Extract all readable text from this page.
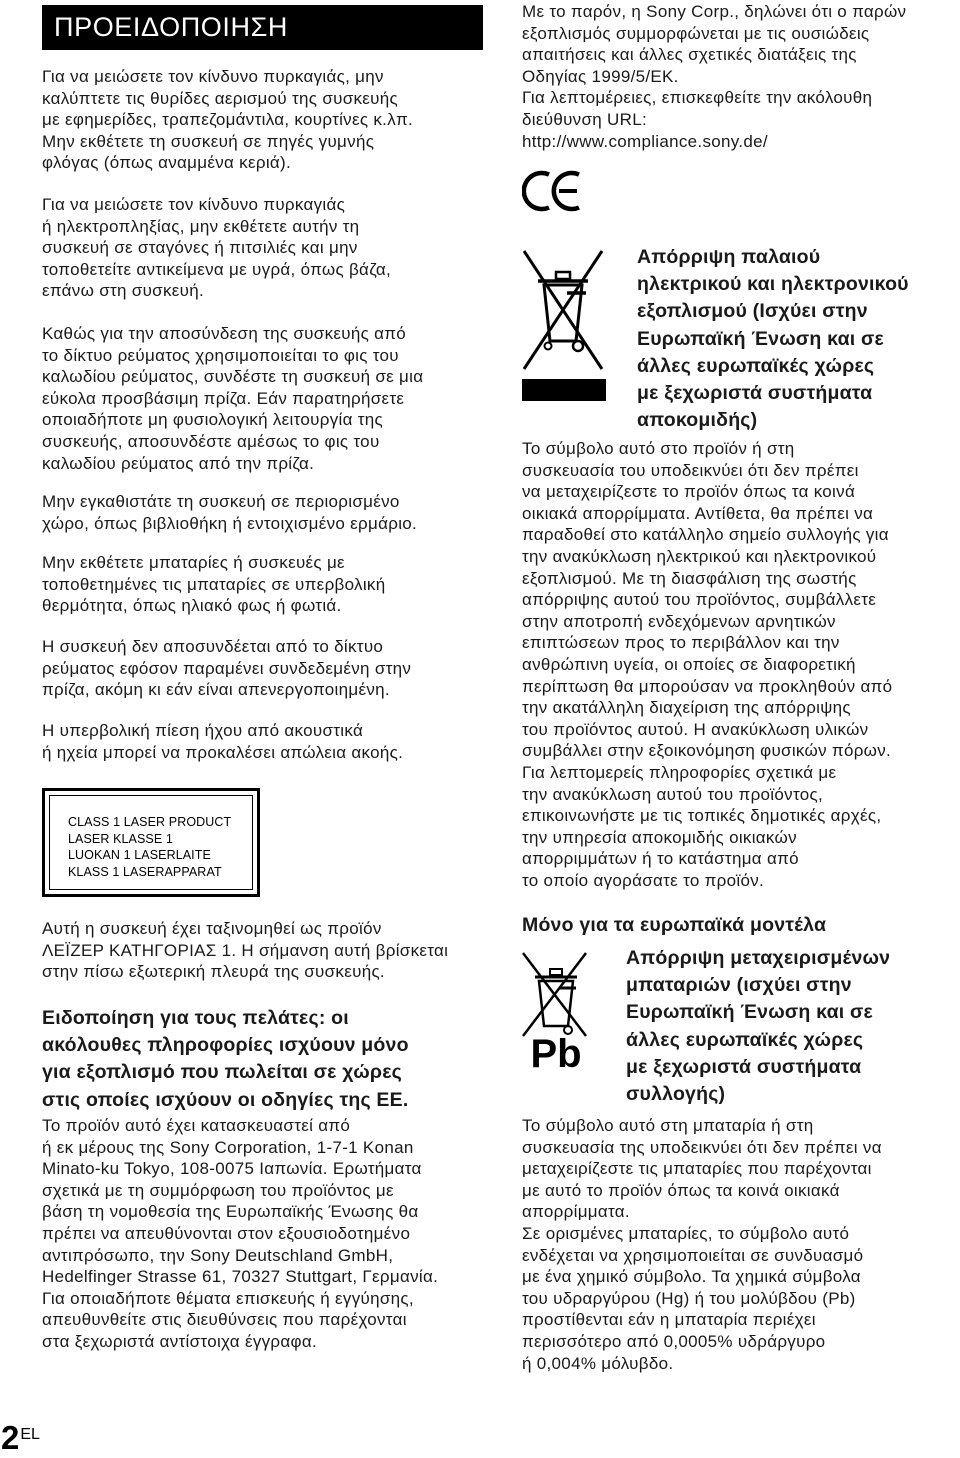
ΠΡΟΕΙΔΟΠΟΙΗΣΗ

Για να μειώσετε τον κίνδυνο πυρκαγιάς, μην
καλύπτετε τις θυρίδες αερισμού της συσκευής
με εφημερίδες, τραπεζομάντιλα, κουρτίνες κ.λπ.
Μην εκθέτετε τη συσκευή σε πηγές γυμνής
φλόγας (όπως αναμμένα κεριά).

Για να μειώσετε τον κίνδυνο πυρκαγιάς
ή ηλεκτροπληξίας, μην εκθέτετε αυτήν τη
συσκευή σε σταγόνες ή πιτσιλιές και μην
τοποθετείτε αντικείμενα με υγρά, όπως βάζα,
επάνω στη συσκευή.

Καθώς για την αποσύνδεση της συσκευής από
το δίκτυο ρεύματος χρησιμοποιείται το φις του
καλωδίου ρεύματος, συνδέστε τη συσκευή σε μια
εύκολα προσβάσιμη πρίζα. Εάν παρατηρήσετε
οποιαδήποτε μη φυσιολογική λειτουργία της
συσκευής, αποσυνδέστε αμέσως το φις του
καλωδίου ρεύματος από την πρίζα.

Μην εγκαθιστάτε τη συσκευή σε περιορισμένο
χώρο, όπως βιβλιοθήκη ή εντοιχισμένο ερμάριο.

Μην εκθέτετε μπαταρίες ή συσκευές με
τοποθετημένες τις μπαταρίες σε υπερβολική
θερμότητα, όπως ηλιακό φως ή φωτιά.

Η συσκευή δεν αποσυνδέεται από το δίκτυο
ρεύματος εφόσον παραμένει συνδεδεμένη στην
πρίζα, ακόμη κι εάν είναι απενεργοποιημένη.

Η υπερβολική πίεση ήχου από ακουστικά
ή ηχεία μπορεί να προκαλέσει απώλεια ακοής.

CLASS 1 LASER PRODUCT
LASER KLASSE 1
LUOKAN 1 LASERLAITE
KLASS 1 LASERAPPARAT

Αυτή η συσκευή έχει ταξινομηθεί ως προϊόν
ΛΕΪΖΕΡ ΚΑΤΗΓΟΡΙΑΣ 1. Η σήμανση αυτή βρίσκεται
στην πίσω εξωτερική πλευρά της συσκευής.

Ειδοποίηση για τους πελάτες: οι
ακόλουθες πληροφορίες ισχύουν μόνο
για εξοπλισμό που πωλείται σε χώρες
στις οποίες ισχύουν οι οδηγίες της ΕΕ.

Το προϊόν αυτό έχει κατασκευαστεί από
ή εκ μέρους της Sony Corporation, 1-7-1 Konan
Minato-ku Tokyo, 108-0075 Ιαπωνία. Ερωτήματα
σχετικά με τη συμμόρφωση του προϊόντος με
βάση τη νομοθεσία της Ευρωπαϊκής Ένωσης θα
πρέπει να απευθύνονται στον εξουσιοδοτημένο
αντιπρόσωπο, την Sony Deutschland GmbH,
Hedelfinger Strasse 61, 70327 Stuttgart, Γερμανία.
Για οποιαδήποτε θέματα επισκευής ή εγγύησης,
απευθυνθείτε στις διευθύνσεις που παρέχονται
στα ξεχωριστά αντίστοιχα έγγραφα.

Με το παρόν, η Sony Corp., δηλώνει ότι ο παρών
εξοπλισμός συμμορφώνεται με τις ουσιώδεις
απαιτήσεις και άλλες σχετικές διατάξεις της
Οδηγίας 1999/5/ΕΚ.
Για λεπτομέρειες, επισκεφθείτε την ακόλουθη
διεύθυνση URL:
http://www.compliance.sony.de/

Απόρριψη παλαιού
ηλεκτρικού και ηλεκτρονικού
εξοπλισμού (Ισχύει στην
Ευρωπαϊκή Ένωση και σε
άλλες ευρωπαϊκές χώρες
με ξεχωριστά συστήματα
αποκομιδής)

Το σύμβολο αυτό στο προϊόν ή στη
συσκευασία του υποδεικνύει ότι δεν πρέπει
να μεταχειρίζεστε το προϊόν όπως τα κοινά
οικιακά απορρίμματα. Αντίθετα, θα πρέπει να
παραδοθεί στο κατάλληλο σημείο συλλογής για
την ανακύκλωση ηλεκτρικού και ηλεκτρονικού
εξοπλισμού. Με τη διασφάλιση της σωστής
απόρριψης αυτού του προϊόντος, συμβάλλετε
στην αποτροπή ενδεχόμενων αρνητικών
επιπτώσεων προς το περιβάλλον και την
ανθρώπινη υγεία, οι οποίες σε διαφορετική
περίπτωση θα μπορούσαν να προκληθούν από
την ακατάλληλη διαχείριση της απόρριψης
του προϊόντος αυτού. Η ανακύκλωση υλικών
συμβάλλει στην εξοικονόμηση φυσικών πόρων.
Για λεπτομερείς πληροφορίες σχετικά με
την ανακύκλωση αυτού του προϊόντος,
επικοινωνήστε με τις τοπικές δημοτικές αρχές,
την υπηρεσία αποκομιδής οικιακών
απορριμμάτων ή το κατάστημα από
το οποίο αγοράσατε το προϊόν.

Μόνο για τα ευρωπαϊκά μοντέλα

Pb

Απόρριψη μεταχειρισμένων
μπαταριών (ισχύει στην
Ευρωπαϊκή Ένωση και σε
άλλες ευρωπαϊκές χώρες
με ξεχωριστά συστήματα
συλλογής)

Το σύμβολο αυτό στη μπαταρία ή στη
συσκευασία της υποδεικνύει ότι δεν πρέπει να
μεταχειρίζεστε τις μπαταρίες που παρέχονται
με αυτό το προϊόν όπως τα κοινά οικιακά
απορρίμματα.
Σε ορισμένες μπαταρίες, το σύμβολο αυτό
ενδέχεται να χρησιμοποιείται σε συνδυασμό
με ένα χημικό σύμβολο. Τα χημικά σύμβολα
του υδραργύρου (Hg) ή του μολύβδου (Pb)
προστίθενται εάν η μπαταρία περιέχει
περισσότερο από 0,0005% υδράργυρο
ή 0,004% μόλυβδο.

2EL
